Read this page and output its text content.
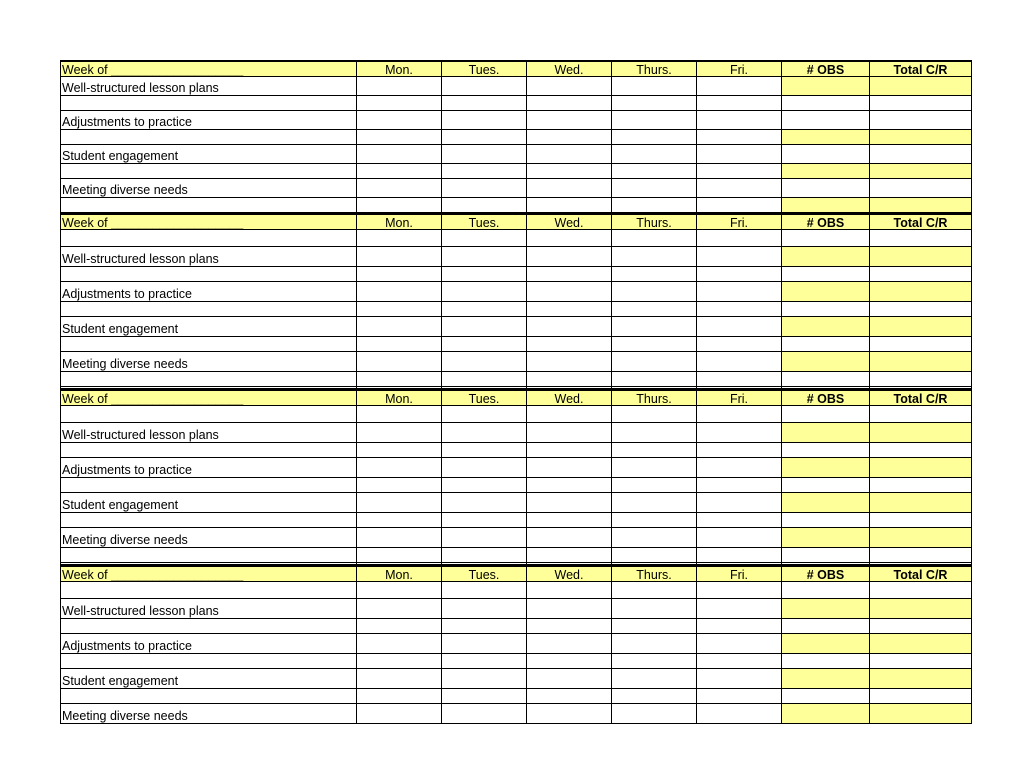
Week of ___________________	Mon.	Tues.	Wed.	Thurs.	Fri.	# OBS	Total C/R
Well-structured lesson plans
Adjustments to practice
Student engagement
Meeting diverse needs
Week of ___________________	Mon.	Tues.	Wed.	Thurs.	Fri.	# OBS	Total C/R
Well-structured lesson plans
Adjustments to practice
Student engagement
Meeting diverse needs
Week of ___________________	Mon.	Tues.	Wed.	Thurs.	Fri.	# OBS	Total C/R
Well-structured lesson plans
Adjustments to practice
Student engagement
Meeting diverse needs
Week of ___________________	Mon.	Tues.	Wed.	Thurs.	Fri.	# OBS	Total C/R
Well-structured lesson plans
Adjustments to practice
Student engagement
Meeting diverse needs
